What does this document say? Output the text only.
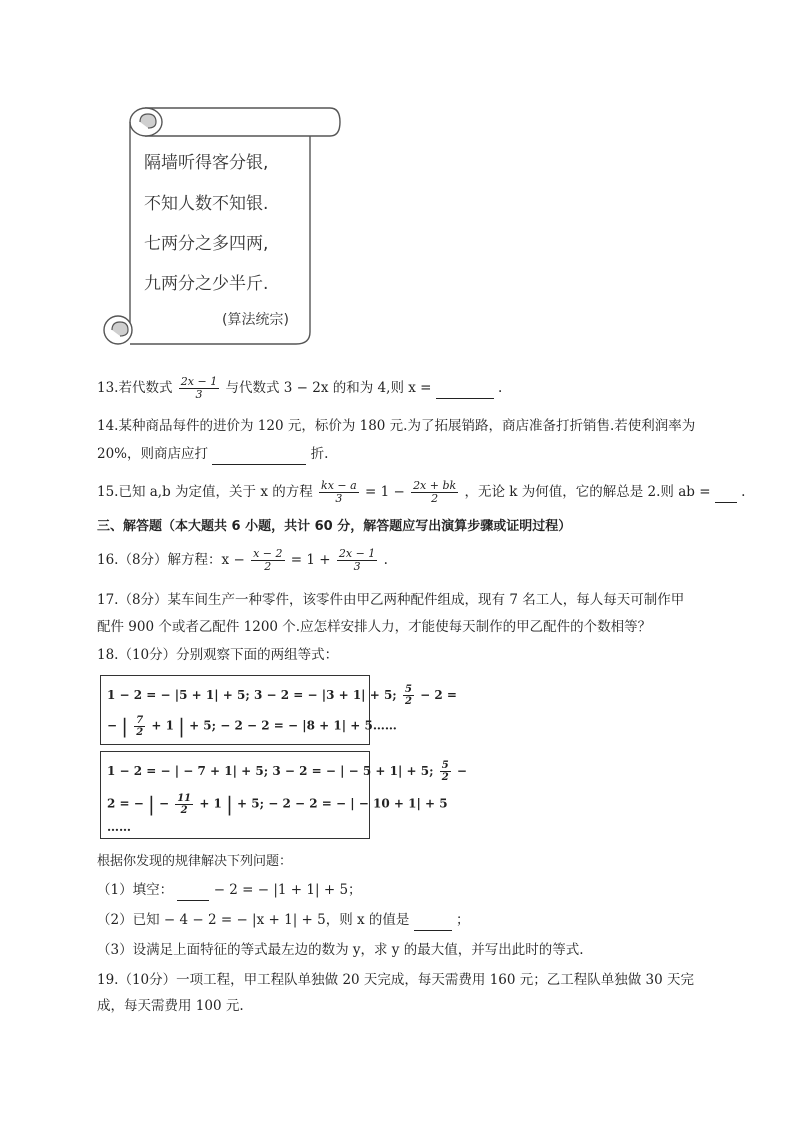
隔墙听得客分银,
不知人数不知银.
七两分之多四两,
九两分之少半斤.
(算法统宗)
13.若代数式 $\frac{2x - 1}{3}$ 与代数式 3 − 2x 的和为 4,则 x =	.
14.某种商品每件的进价为 120 元，标价为 180 元.为了拓展销路，商店准备打折销售.若使利润率为
20%，则商店应打	折.
15.已知 a,b 为定值，关于 x 的方程 $\frac{kx - a}{3} = 1 - \frac{2x + bk}{2}$ ，无论 k 为何值，它的解总是 2.则 ab = .
三、解答题（本大题共 6 小题，共计 60 分，解答题应写出演算步骤或证明过程）
16.（8分）解方程：$x - \frac{x - 2}{2} = 1 + \frac{2x - 1}{3}$ .
17.（8分）某车间生产一种零件，该零件由甲乙两种配件组成，现有 7 名工人，每人每天可制作甲
配件 900 个或者乙配件 1200 个.应怎样安排人力，才能使每天制作的甲乙配件的个数相等？
18.（10分）分别观察下面的两组等式：
1 − 2 = − |5 + 1| + 5; 3 − 2 = − |3 + 1| + 5; $\frac{5}{2} - 2$ =
− | $\frac{7}{2} + 1$ | + 5; − 2 − 2 = − |8 + 1| + 5……
1 − 2 = − | − 7 + 1| + 5; 3 − 2 = − | − 5 + 1| + 5; $\frac{5}{2}$ −
2 = − | − $\frac{11}{2} + 1$ | + 5; − 2 − 2 = − | − 10 + 1| + 5
……
根据你发现的规律解决下列问题：
（1）填空：	− 2 = − |1 + 1| + 5；
（2）已知 − 4 − 2 = − |x + 1| + 5，则 x 的值是	；
（3）设满足上面特征的等式最左边的数为 y，求 y 的最大值，并写出此时的等式.
19.（10分）一项工程，甲工程队单独做 20 天完成，每天需费用 160 元；乙工程队单独做 30 天完
成，每天需费用 100 元.
